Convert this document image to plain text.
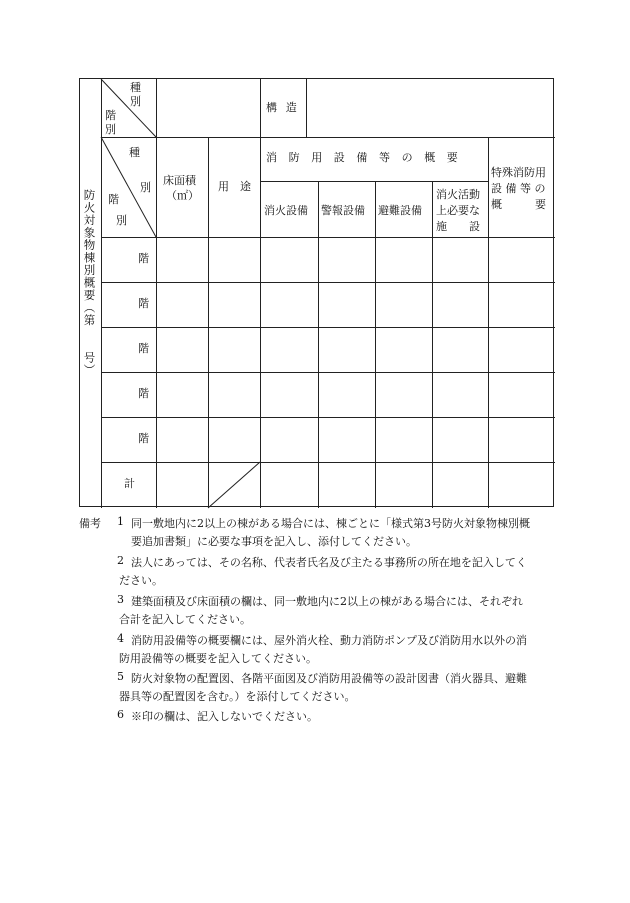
防火対象物棟別概要（第　　号）
種別
階別
構造
種
別
階
別
床面積
（㎡）
用　途
消　防　用　設　備　等　の　概　要
消火設備 警報設備 避難設備
消火活動
上必要な
施　　設
特殊消防用
設 備 等 の
概　　　要
階
階
階
階
階
計
備考 1 同一敷地内に2以上の棟がある場合には、棟ごとに「様式第3号防火対象物棟別概
要追加書類」に必要な事項を記入し、添付してください。
2 法人にあっては、その名称、代表者氏名及び主たる事務所の所在地を記入してく
ださい。
3 建築面積及び床面積の欄は、同一敷地内に2以上の棟がある場合には、それぞれ
合計を記入してください。
4 消防用設備等の概要欄には、屋外消火栓、動力消防ポンプ及び消防用水以外の消
防用設備等の概要を記入してください。
5 防火対象物の配置図、各階平面図及び消防用設備等の設計図書（消火器具、避難
器具等の配置図を含む。）を添付してください。
6 ※印の欄は、記入しないでください。
